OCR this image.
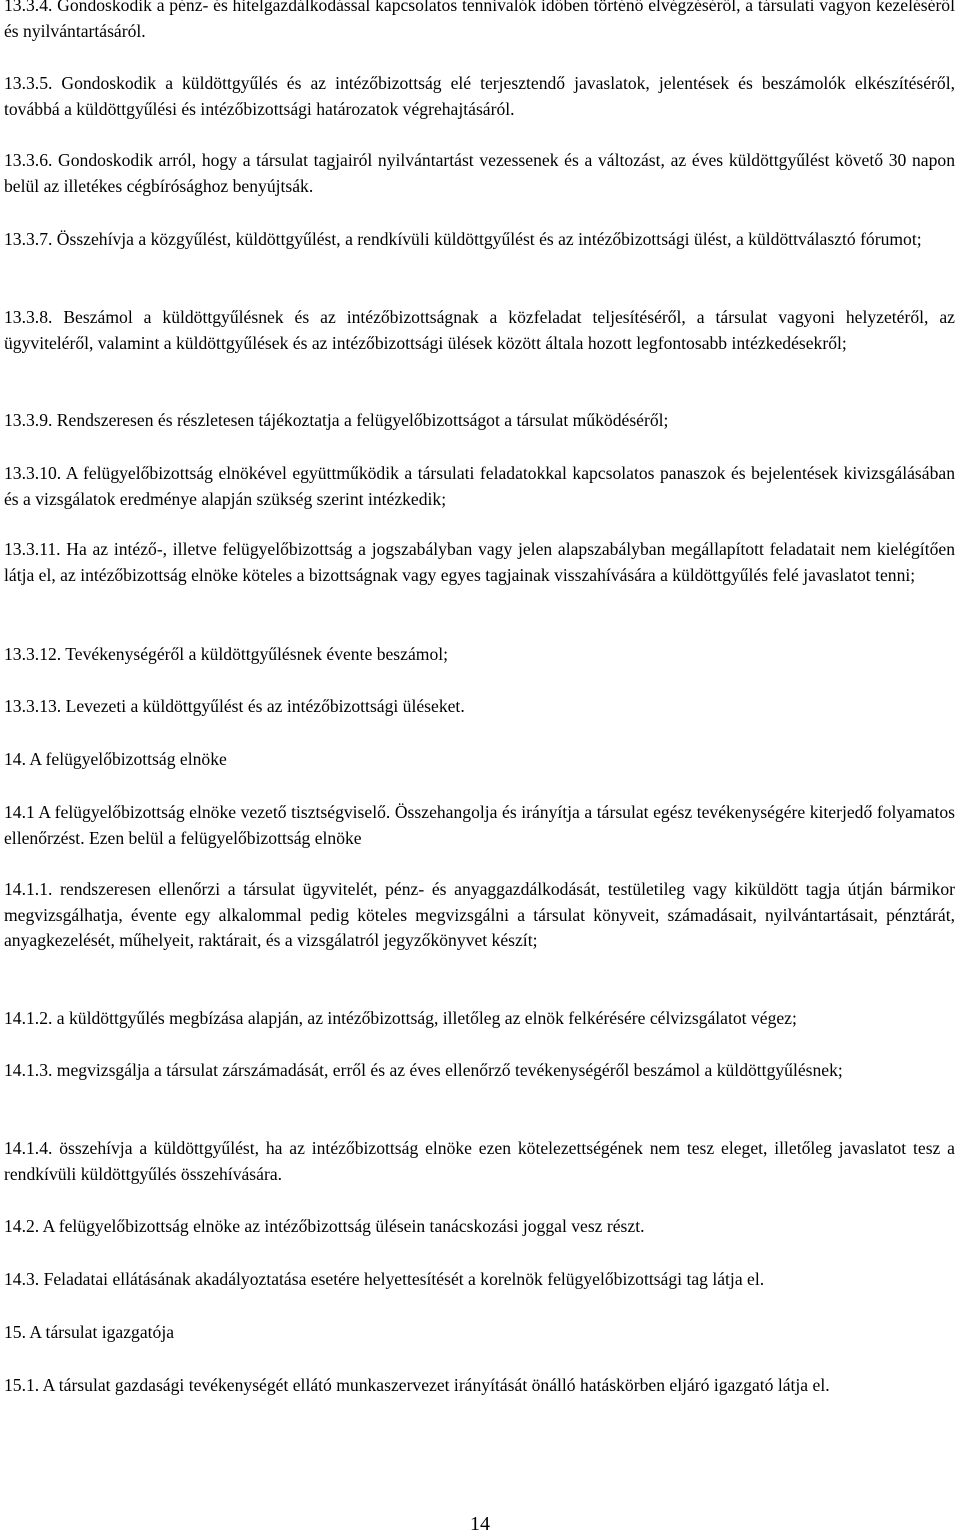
13.3.4. Gondoskodik a pénz- és hitelgazdálkodással kapcsolatos tennivalók időben történő elvégzéséről, a társulati vagyon kezeléséről és nyilvántartásáról.

13.3.5. Gondoskodik a küldöttgyűlés és az intézőbizottság elé terjesztendő javaslatok, jelentések és beszámolók elkészítéséről, továbbá a küldöttgyűlési és intézőbizottsági határozatok végrehajtásáról.

13.3.6. Gondoskodik arról, hogy a társulat tagjairól nyilvántartást vezessenek és a változást, az éves küldöttgyűlést követő 30 napon belül az illetékes cégbírósághoz benyújtsák.

13.3.7. Összehívja a közgyűlést, küldöttgyűlést, a rendkívüli küldöttgyűlést és az intézőbizottsági ülést, a küldöttválasztó fórumot;

13.3.8. Beszámol a küldöttgyűlésnek és az intézőbizottságnak a közfeladat teljesítéséről, a társulat vagyoni helyzetéről, az ügyviteléről, valamint a küldöttgyűlések és az intézőbizottsági ülések között általa hozott legfontosabb intézkedésekről;

13.3.9. Rendszeresen és részletesen tájékoztatja a felügyelőbizottságot a társulat működéséről;

13.3.10. A felügyelőbizottság elnökével együttműködik a társulati feladatokkal kapcsolatos panaszok és bejelentések kivizsgálásában és a vizsgálatok eredménye alapján szükség szerint intézkedik;

13.3.11. Ha az intéző-, illetve felügyelőbizottság a jogszabályban vagy jelen alapszabályban megállapított feladatait nem kielégítően látja el, az intézőbizottság elnöke köteles a bizottságnak vagy egyes tagjainak visszahívására a küldöttgyűlés felé javaslatot tenni;

13.3.12. Tevékenységéről a küldöttgyűlésnek évente beszámol;

13.3.13. Levezeti a küldöttgyűlést és az intézőbizottsági üléseket.

14. A felügyelőbizottság elnöke

14.1 A felügyelőbizottság elnöke vezető tisztségviselő. Összehangolja és irányítja a társulat egész tevékenységére kiterjedő folyamatos ellenőrzést. Ezen belül a felügyelőbizottság elnöke

14.1.1. rendszeresen ellenőrzi a társulat ügyvitelét, pénz- és anyaggazdálkodását, testületileg vagy kiküldött tagja útján bármikor megvizsgálhatja, évente egy alkalommal pedig köteles megvizsgálni a társulat könyveit, számadásait, nyilvántartásait, pénztárát, anyagkezelését, műhelyeit, raktárait, és a vizsgálatról jegyzőkönyvet készít;

14.1.2. a küldöttgyűlés megbízása alapján, az intézőbizottság, illetőleg az elnök felkérésére célvizsgálatot végez;

14.1.3. megvizsgálja a társulat zárszámadását, erről és az éves ellenőrző tevékenységéről beszámol a küldöttgyűlésnek;

14.1.4. összehívja a küldöttgyűlést, ha az intézőbizottság elnöke ezen kötelezettségének nem tesz eleget, illetőleg javaslatot tesz a rendkívüli küldöttgyűlés összehívására.

14.2. A felügyelőbizottság elnöke az intézőbizottság ülésein tanácskozási joggal vesz részt.

14.3. Feladatai ellátásának akadályoztatása esetére helyettesítését a korelnök felügyelőbizottsági tag látja el.

15. A társulat igazgatója

15.1. A társulat gazdasági tevékenységét ellátó munkaszervezet irányítását önálló hatáskörben eljáró igazgató látja el.

14
